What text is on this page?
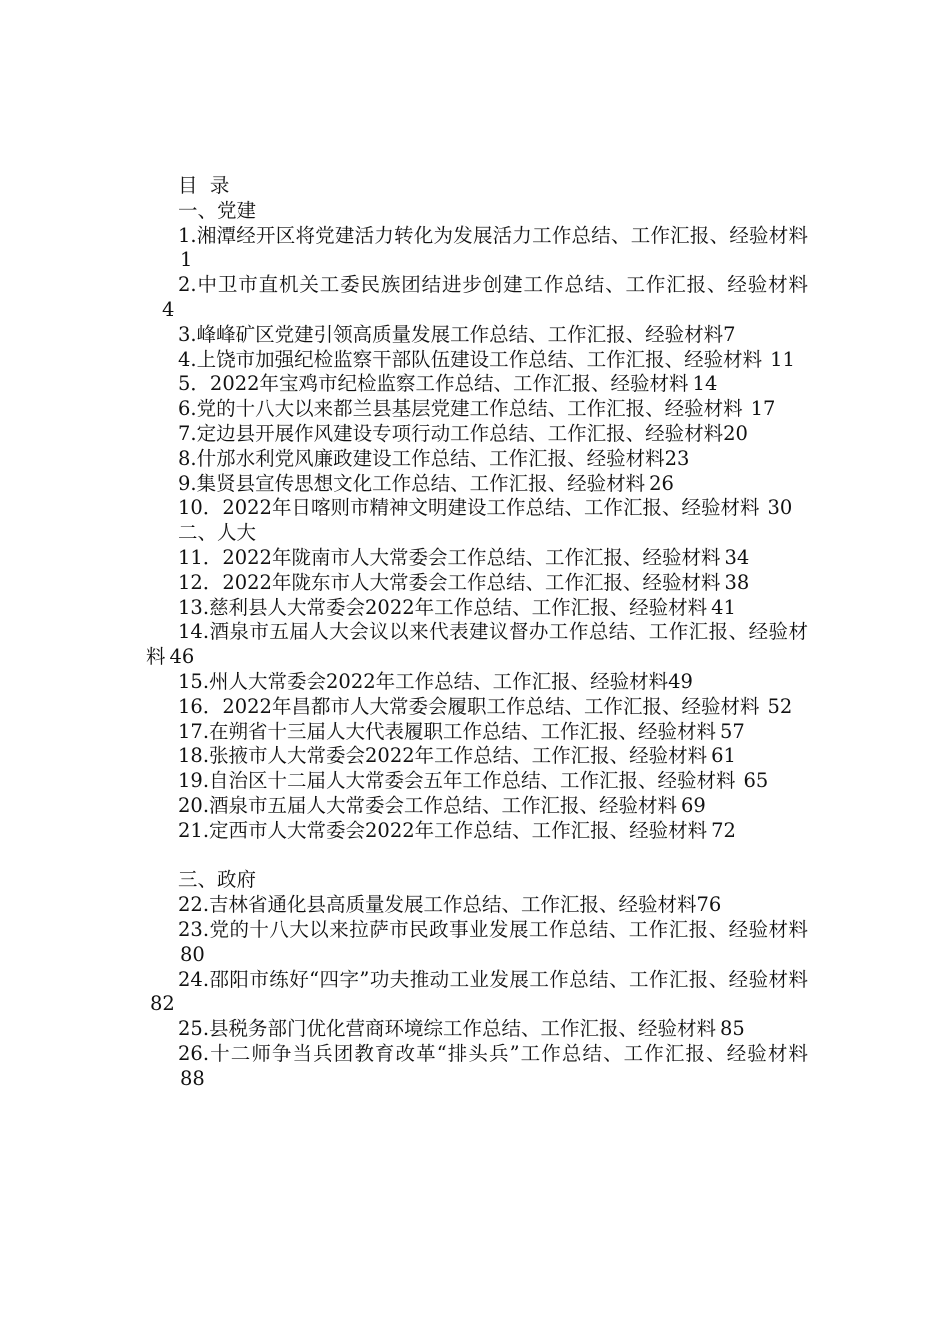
目  录
一、党建
1.湘潭经开区将党建活力转化为发展活力工作总结、工作汇报、经验材料1
2.中卫市直机关工委民族团结进步创建工作总结、工作汇报、经验材料4
3.峰峰矿区党建引领高质量发展工作总结、工作汇报、经验材料7
4.上饶市加强纪检监察干部队伍建设工作总结、工作汇报、经验材料 11
5．2022年宝鸡市纪检监察工作总结、工作汇报、经验材料 14
6.党的十八大以来都兰县基层党建工作总结、工作汇报、经验材料 17
7.定边县开展作风建设专项行动工作总结、工作汇报、经验材料20
8.什邡水利党风廉政建设工作总结、工作汇报、经验材料23
9.集贤县宣传思想文化工作总结、工作汇报、经验材料 26
10．2022年日喀则市精神文明建设工作总结、工作汇报、经验材料 30
二、人大
11．2022年陇南市人大常委会工作总结、工作汇报、经验材料 34
12．2022年陇东市人大常委会工作总结、工作汇报、经验材料 38
13.慈利县人大常委会2022年工作总结、工作汇报、经验材料 41
14.酒泉市五届人大会议以来代表建议督办工作总结、工作汇报、经验材料 46
15.州人大常委会2022年工作总结、工作汇报、经验材料49
16．2022年昌都市人大常委会履职工作总结、工作汇报、经验材料 52
17.在朔省十三届人大代表履职工作总结、工作汇报、经验材料 57
18.张掖市人大常委会2022年工作总结、工作汇报、经验材料 61
19.自治区十二届人大常委会五年工作总结、工作汇报、经验材料 65
20.酒泉市五届人大常委会工作总结、工作汇报、经验材料 69
21.定西市人大常委会2022年工作总结、工作汇报、经验材料 72
三、政府
22.吉林省通化县高质量发展工作总结、工作汇报、经验材料76
23.党的十八大以来拉萨市民政事业发展工作总结、工作汇报、经验材料80
24.邵阳市练好“四字”功夫推动工业发展工作总结、工作汇报、经验材料82
25.县税务部门优化营商环境综工作总结、工作汇报、经验材料 85
26.十二师争当兵团教育改革“排头兵”工作总结、工作汇报、经验材料88
